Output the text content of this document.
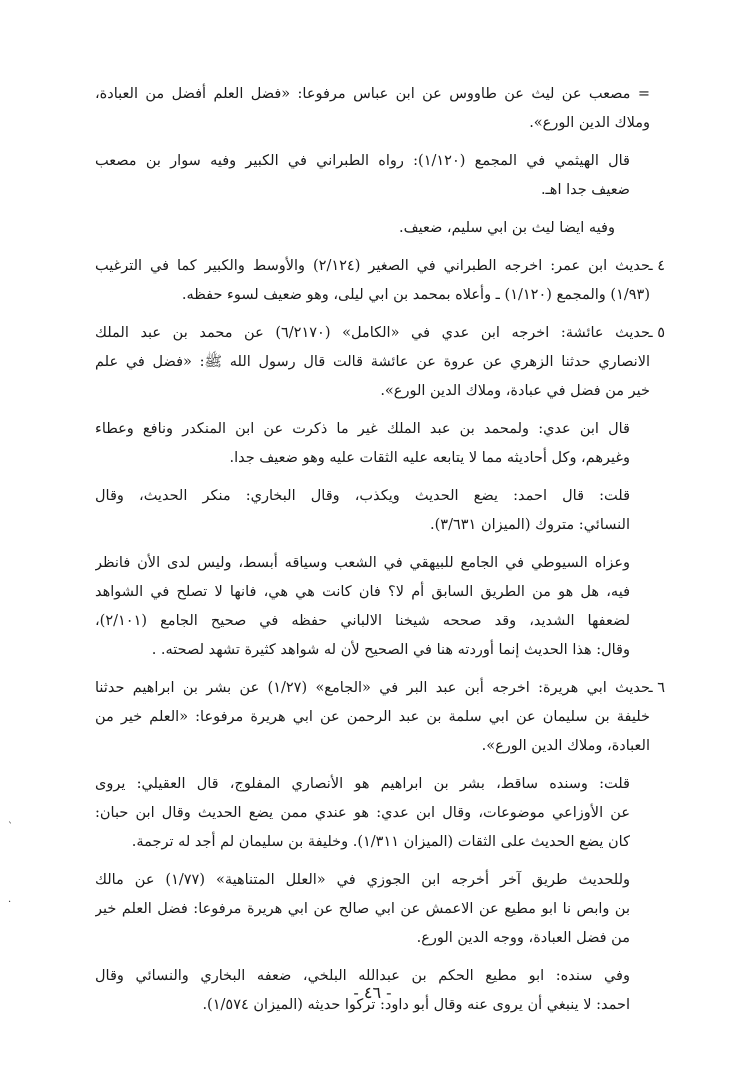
= مصعب عن ليث عن طاووس عن ابن عباس مرفوعا: «فضل العلم أفضل من العبادة،
وملاك الدين الورع».
قال الهيثمي في المجمع (١/١٢٠): رواه الطبراني في الكبير وفيه سوار بن مصعب
ضعيف جدا اهـ.
وفيه ايضا ليث بن ابي سليم، ضعيف.
٤ ـ
حديث ابن عمر: اخرجه الطبراني في الصغير (٢/١٢٤) والأوسط والكبير كما في الترغيب
(١/٩٣) والمجمع (١/١٢٠) ـ وأعلاه بمحمد بن ابي ليلى، وهو ضعيف لسوء حفظه.
٥ ـ
حديث عائشة: اخرجه ابن عدي في «الكامل» (٦/٢١٧٠) عن محمد بن عبد الملك
الانصاري حدثنا الزهري عن عروة عن عائشة قالت قال رسول الله ﷺ: «فضل في علم
خير من فضل في عبادة، وملاك الدين الورع».
قال ابن عدي: ولمحمد بن عبد الملك غير ما ذكرت عن ابن المنكدر ونافع وعطاء
وغيرهم، وكل أحاديثه مما لا يتابعه عليه الثقات عليه وهو ضعيف جدا.
قلت: قال احمد: يضع الحديث ويكذب، وقال البخاري: منكر الحديث، وقال
النسائي: متروك (الميزان ٣/٦٣١).
وعزاه السيوطي في الجامع للبيهقي في الشعب وسياقه أبسط، وليس لدى الأن فانظر
فيه، هل هو من الطريق السابق أم لا؟ فان كانت هي هي، فانها لا تصلح في الشواهد
لضعفها الشديد، وقد صححه شيخنا الالباني حفظه في صحيح الجامع (٢/١٠١)،
وقال: هذا الحديث إنما أوردته هنا في الصحيح لأن له شواهد كثيرة تشهد لصحته. .
٦ ـ
حديث ابي هريرة: اخرجه أبن عبد البر في «الجامع» (١/٢٧) عن بشر بن ابراهيم حدثنا
خليفة بن سليمان عن ابي سلمة بن عبد الرحمن عن ابي هريرة مرفوعا: «العلم خير من
العبادة، وملاك الدين الورع».
قلت: وسنده ساقط، بشر بن ابراهيم هو الأنصاري المفلوج، قال العقيلي: يروى
عن الأوزاعي موضوعات، وقال ابن عدي: هو عندي ممن يضع الحديث وقال ابن حبان:
كان يضع الحديث على الثقات (الميزان ١/٣١١). وخليفة بن سليمان لم أجد له ترجمة.
وللحديث طريق آخر أخرجه ابن الجوزي في «العلل المتناهية» (١/٧٧) عن مالك
بن وابص نا ابو مطيع عن الاعمش عن ابي صالح عن ابي هريرة مرفوعا: فضل العلم خير
من فضل العبادة، ووجه الدين الورع.
وفي سنده: ابو مطيع الحكم بن عبدالله البلخي، ضعفه البخاري والنسائي وقال
احمد: لا ينبغي أن يروى عنه وقال أبو داود: تركوا حديثه (الميزان ١/٥٧٤).
- ٤٦ -
`
·
